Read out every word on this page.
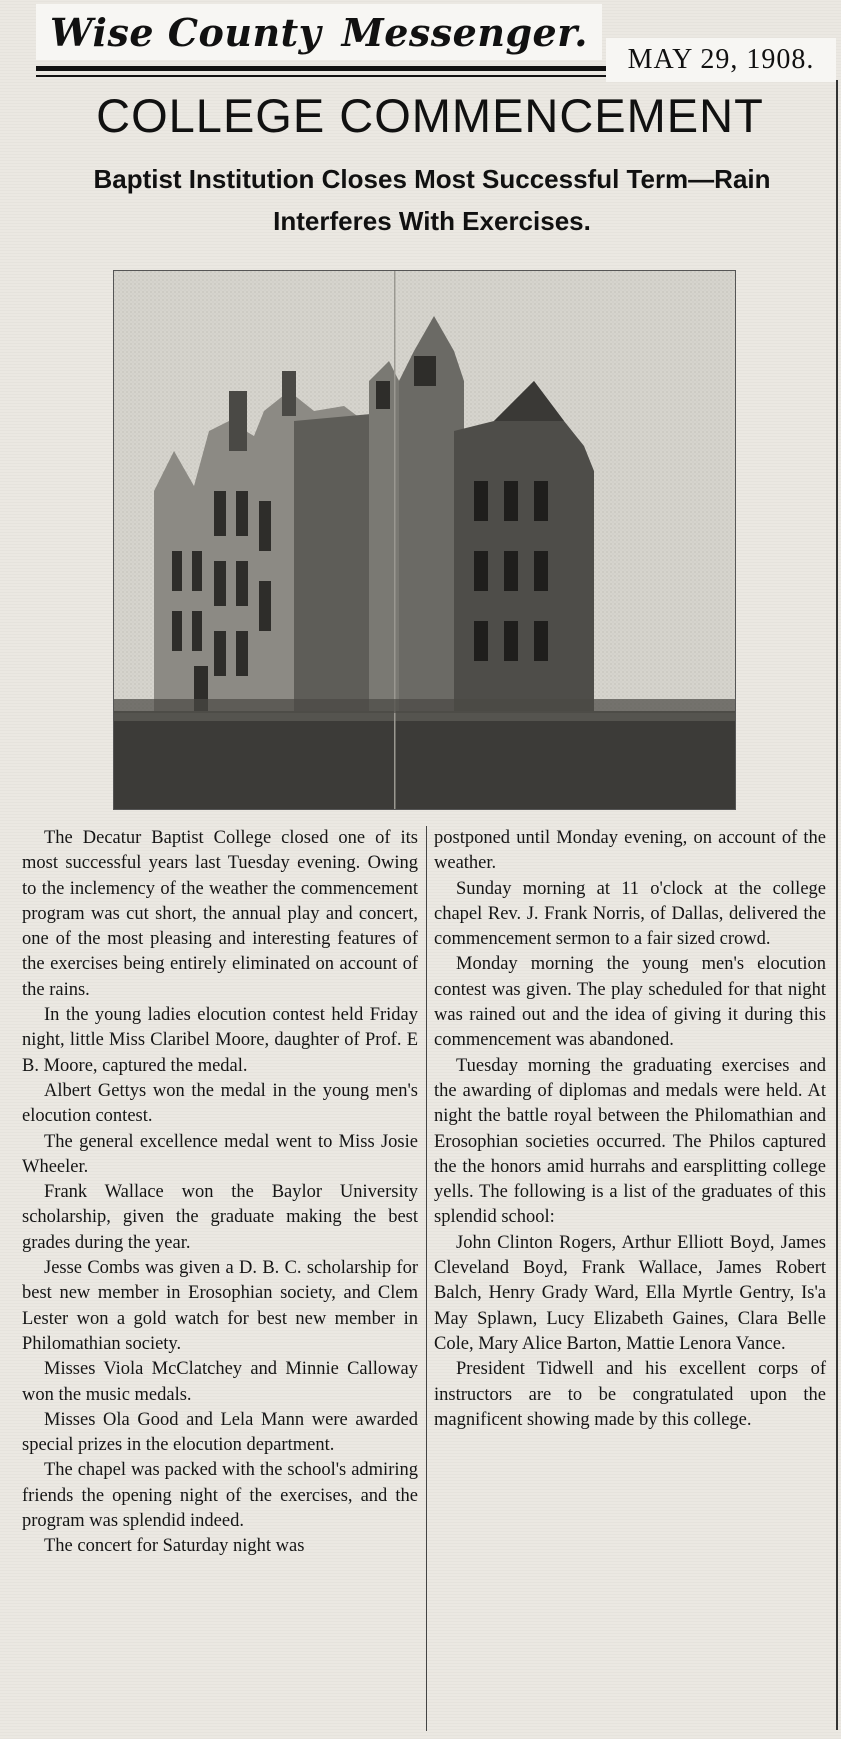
Wise County Messenger.
MAY 29, 1908.
COLLEGE COMMENCEMENT
Baptist Institution Closes Most Successful Term—Rain
Interferes With Exercises.

The Decatur Baptist College closed one of its most successful years last Tuesday evening. Owing to the inclemency of the weather the commencement program was cut short, the annual play and concert, one of the most pleasing and interesting features of the exercises being entirely eliminated on account of the rains.

In the young ladies elocution contest held Friday night, little Miss Claribel Moore, daughter of Prof. E B. Moore, captured the medal.

Albert Gettys won the medal in the young men's elocution contest.

The general excellence medal went to Miss Josie Wheeler.

Frank Wallace won the Baylor University scholarship, given the graduate making the best grades during the year.

Jesse Combs was given a D. B. C. scholarship for best new member in Erosophian society, and Clem Lester won a gold watch for best new member in Philomathian society.

Misses Viola McClatchey and Minnie Calloway won the music medals.

Misses Ola Good and Lela Mann were awarded special prizes in the elocution department.

The chapel was packed with the school's admiring friends the opening night of the exercises, and the program was splendid indeed.

The concert for Saturday night was

postponed until Monday evening, on account of the weather.

Sunday morning at 11 o'clock at the college chapel Rev. J. Frank Norris, of Dallas, delivered the commencement sermon to a fair sized crowd.

Monday morning the young men's elocution contest was given. The play scheduled for that night was rained out and the idea of giving it during this commencement was abandoned.

Tuesday morning the graduating exercises and the awarding of diplomas and medals were held. At night the battle royal between the Philomathian and Erosophian societies occurred. The Philos captured the the honors amid hurrahs and earsplitting college yells. The following is a list of the graduates of this splendid school:

John Clinton Rogers, Arthur Elliott Boyd, James Cleveland Boyd, Frank Wallace, James Robert Balch, Henry Grady Ward, Ella Myrtle Gentry, Is'a May Splawn, Lucy Elizabeth Gaines, Clara Belle Cole, Mary Alice Barton, Mattie Lenora Vance.

President Tidwell and his excellent corps of instructors are to be congratulated upon the magnificent showing made by this college.
